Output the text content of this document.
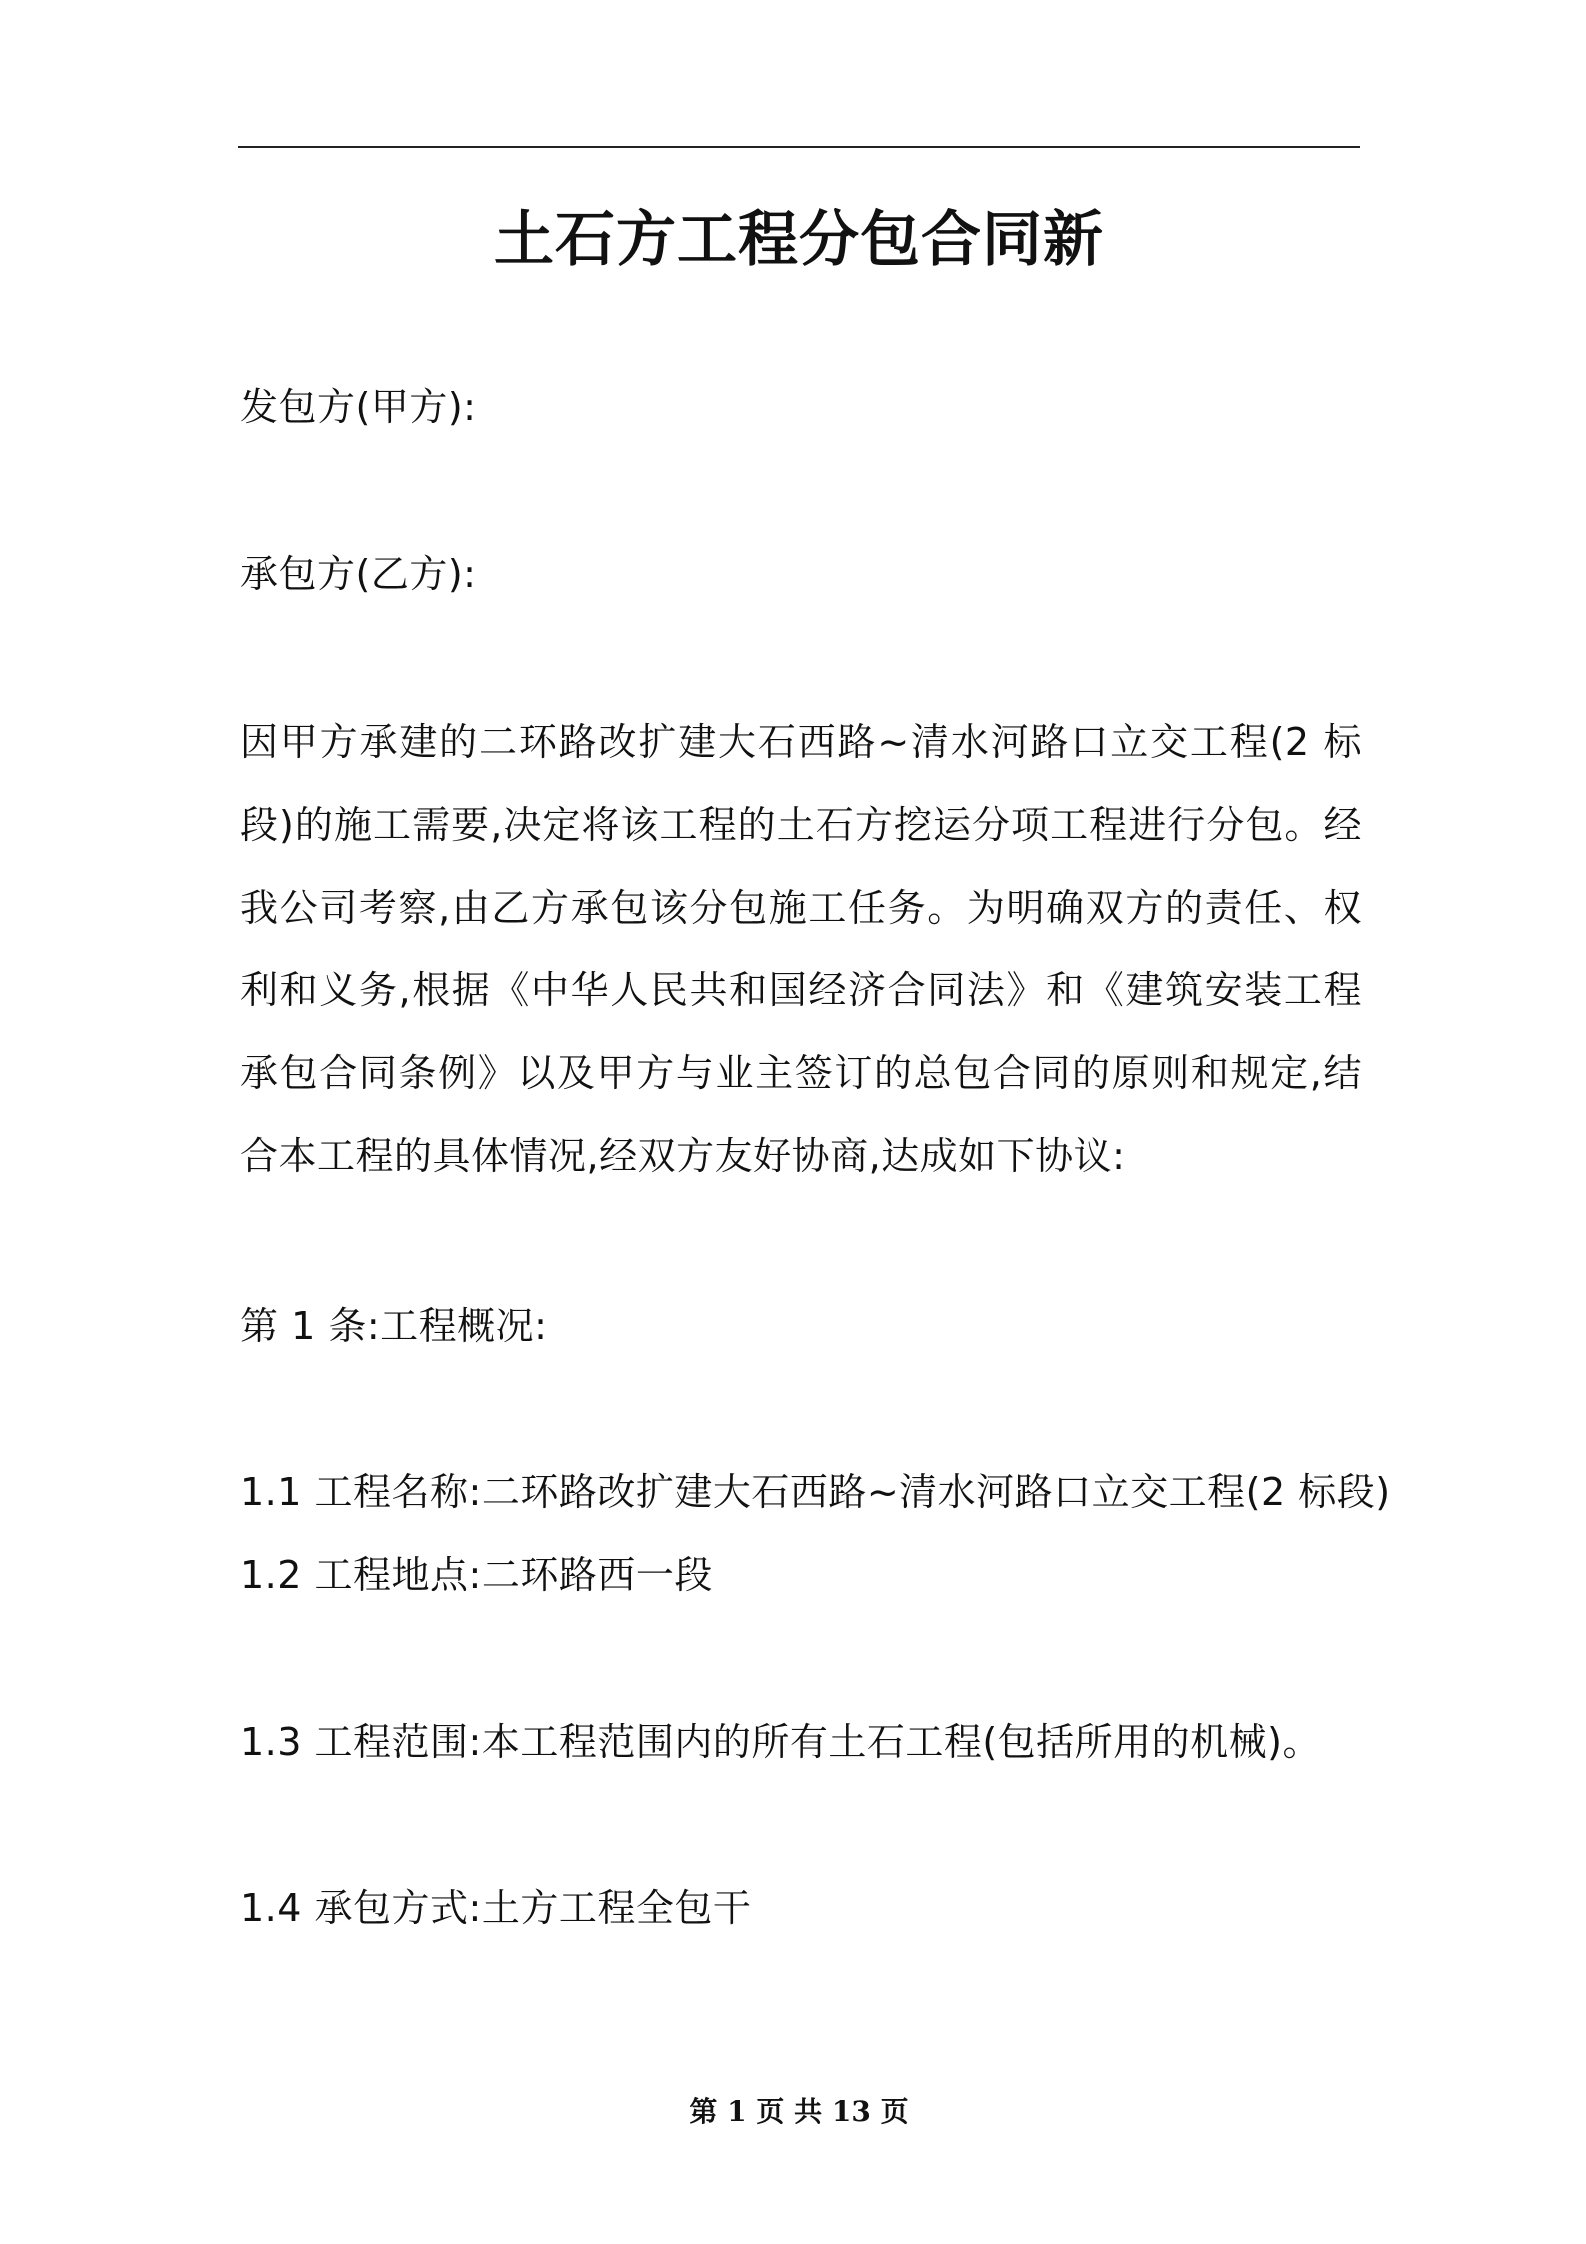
土石方工程分包合同新
发包方(甲方):
承包方(乙方):
因甲方承建的二环路改扩建大石西路~清水河路口立交工程(2 标段)的施工需要,决定将该工程的土石方挖运分项工程进行分包。经我公司考察,由乙方承包该分包施工任务。为明确双方的责任、权利和义务,根据《中华人民共和国经济合同法》和《建筑安装工程承包合同条例》以及甲方与业主签订的总包合同的原则和规定,结合本工程的具体情况,经双方友好协商,达成如下协议:
第 1 条:工程概况:
1.1 工程名称:二环路改扩建大石西路~清水河路口立交工程(2 标段)
1.2 工程地点:二环路西一段
1.3 工程范围:本工程范围内的所有土石工程(包括所用的机械)。
1.4 承包方式:土方工程全包干
第 1 页 共 13 页
